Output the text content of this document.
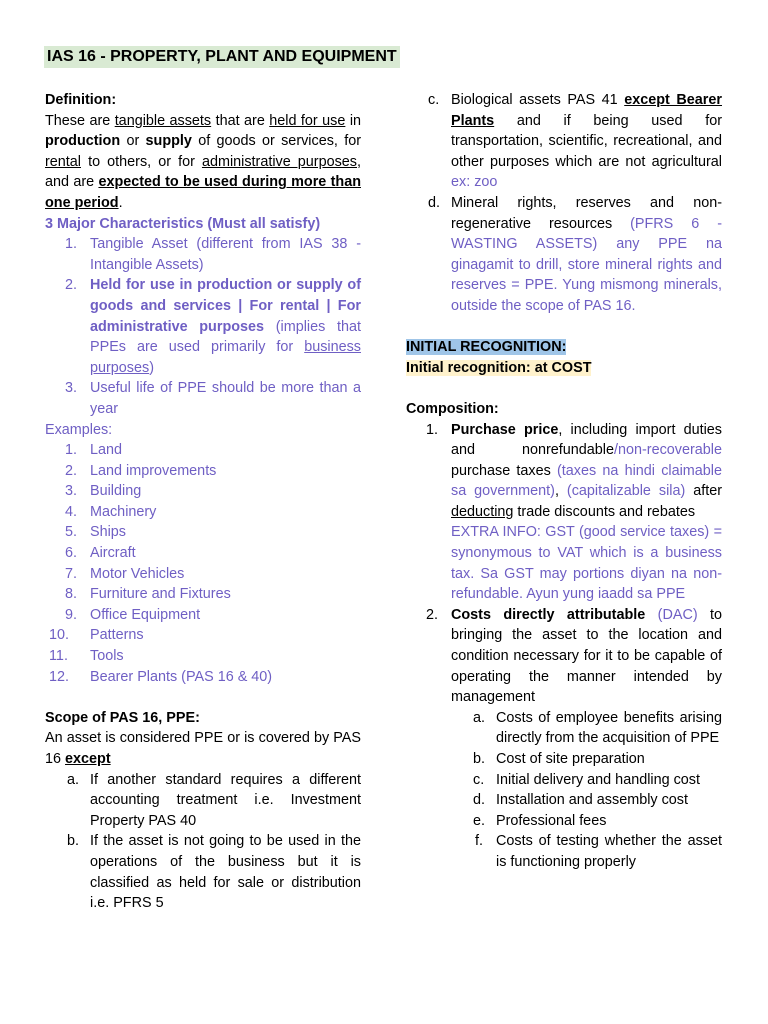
IAS 16 - PROPERTY, PLANT AND EQUIPMENT

Definition:

These are tangible assets that are held for use in production or supply of goods or services, for rental to others, or for administrative purposes, and are expected to be used during more than one period.

3 Major Characteristics (Must all satisfy)

1. Tangible Asset (different from IAS 38 - Intangible Assets)
2. Held for use in production or supply of goods and services | For rental | For administrative purposes (implies that PPEs are used primarily for business purposes)
3. Useful life of PPE should be more than a year

Examples:

1. Land
2. Land improvements
3. Building
4. Machinery
5. Ships
6. Aircraft
7. Motor Vehicles
8. Furniture and Fixtures
9. Office Equipment
10. Patterns
11. Tools
12. Bearer Plants (PAS 16 & 40)

Scope of PAS 16, PPE:

An asset is considered PPE or is covered by PAS 16 except

a. If another standard requires a different accounting treatment i.e. Investment Property PAS 40
b. If the asset is not going to be used in the operations of the business but it is classified as held for sale or distribution i.e. PFRS 5
c. Biological assets PAS 41 except Bearer Plants and if being used for transportation, scientific, recreational, and other purposes which are not agricultural ex: zoo
d. Mineral rights, reserves and non-regenerative resources (PFRS 6 - WASTING ASSETS) any PPE na ginagamit to drill, store mineral rights and reserves = PPE. Yung mismong minerals, outside the scope of PAS 16.

INITIAL RECOGNITION:

Initial recognition: at COST

Composition:

1. Purchase price, including import duties and nonrefundable/non-recoverable purchase taxes (taxes na hindi claimable sa government), (capitalizable sila) after deducting trade discounts and rebates
EXTRA INFO: GST (good service taxes) = synonymous to VAT which is a business tax. Sa GST may portions diyan na non-refundable. Ayun yung iaadd sa PPE
2. Costs directly attributable (DAC) to bringing the asset to the location and condition necessary for it to be capable of operating the manner intended by management
a. Costs of employee benefits arising directly from the acquisition of PPE
b. Cost of site preparation
c. Initial delivery and handling cost
d. Installation and assembly cost
e. Professional fees
f. Costs of testing whether the asset is functioning properly
